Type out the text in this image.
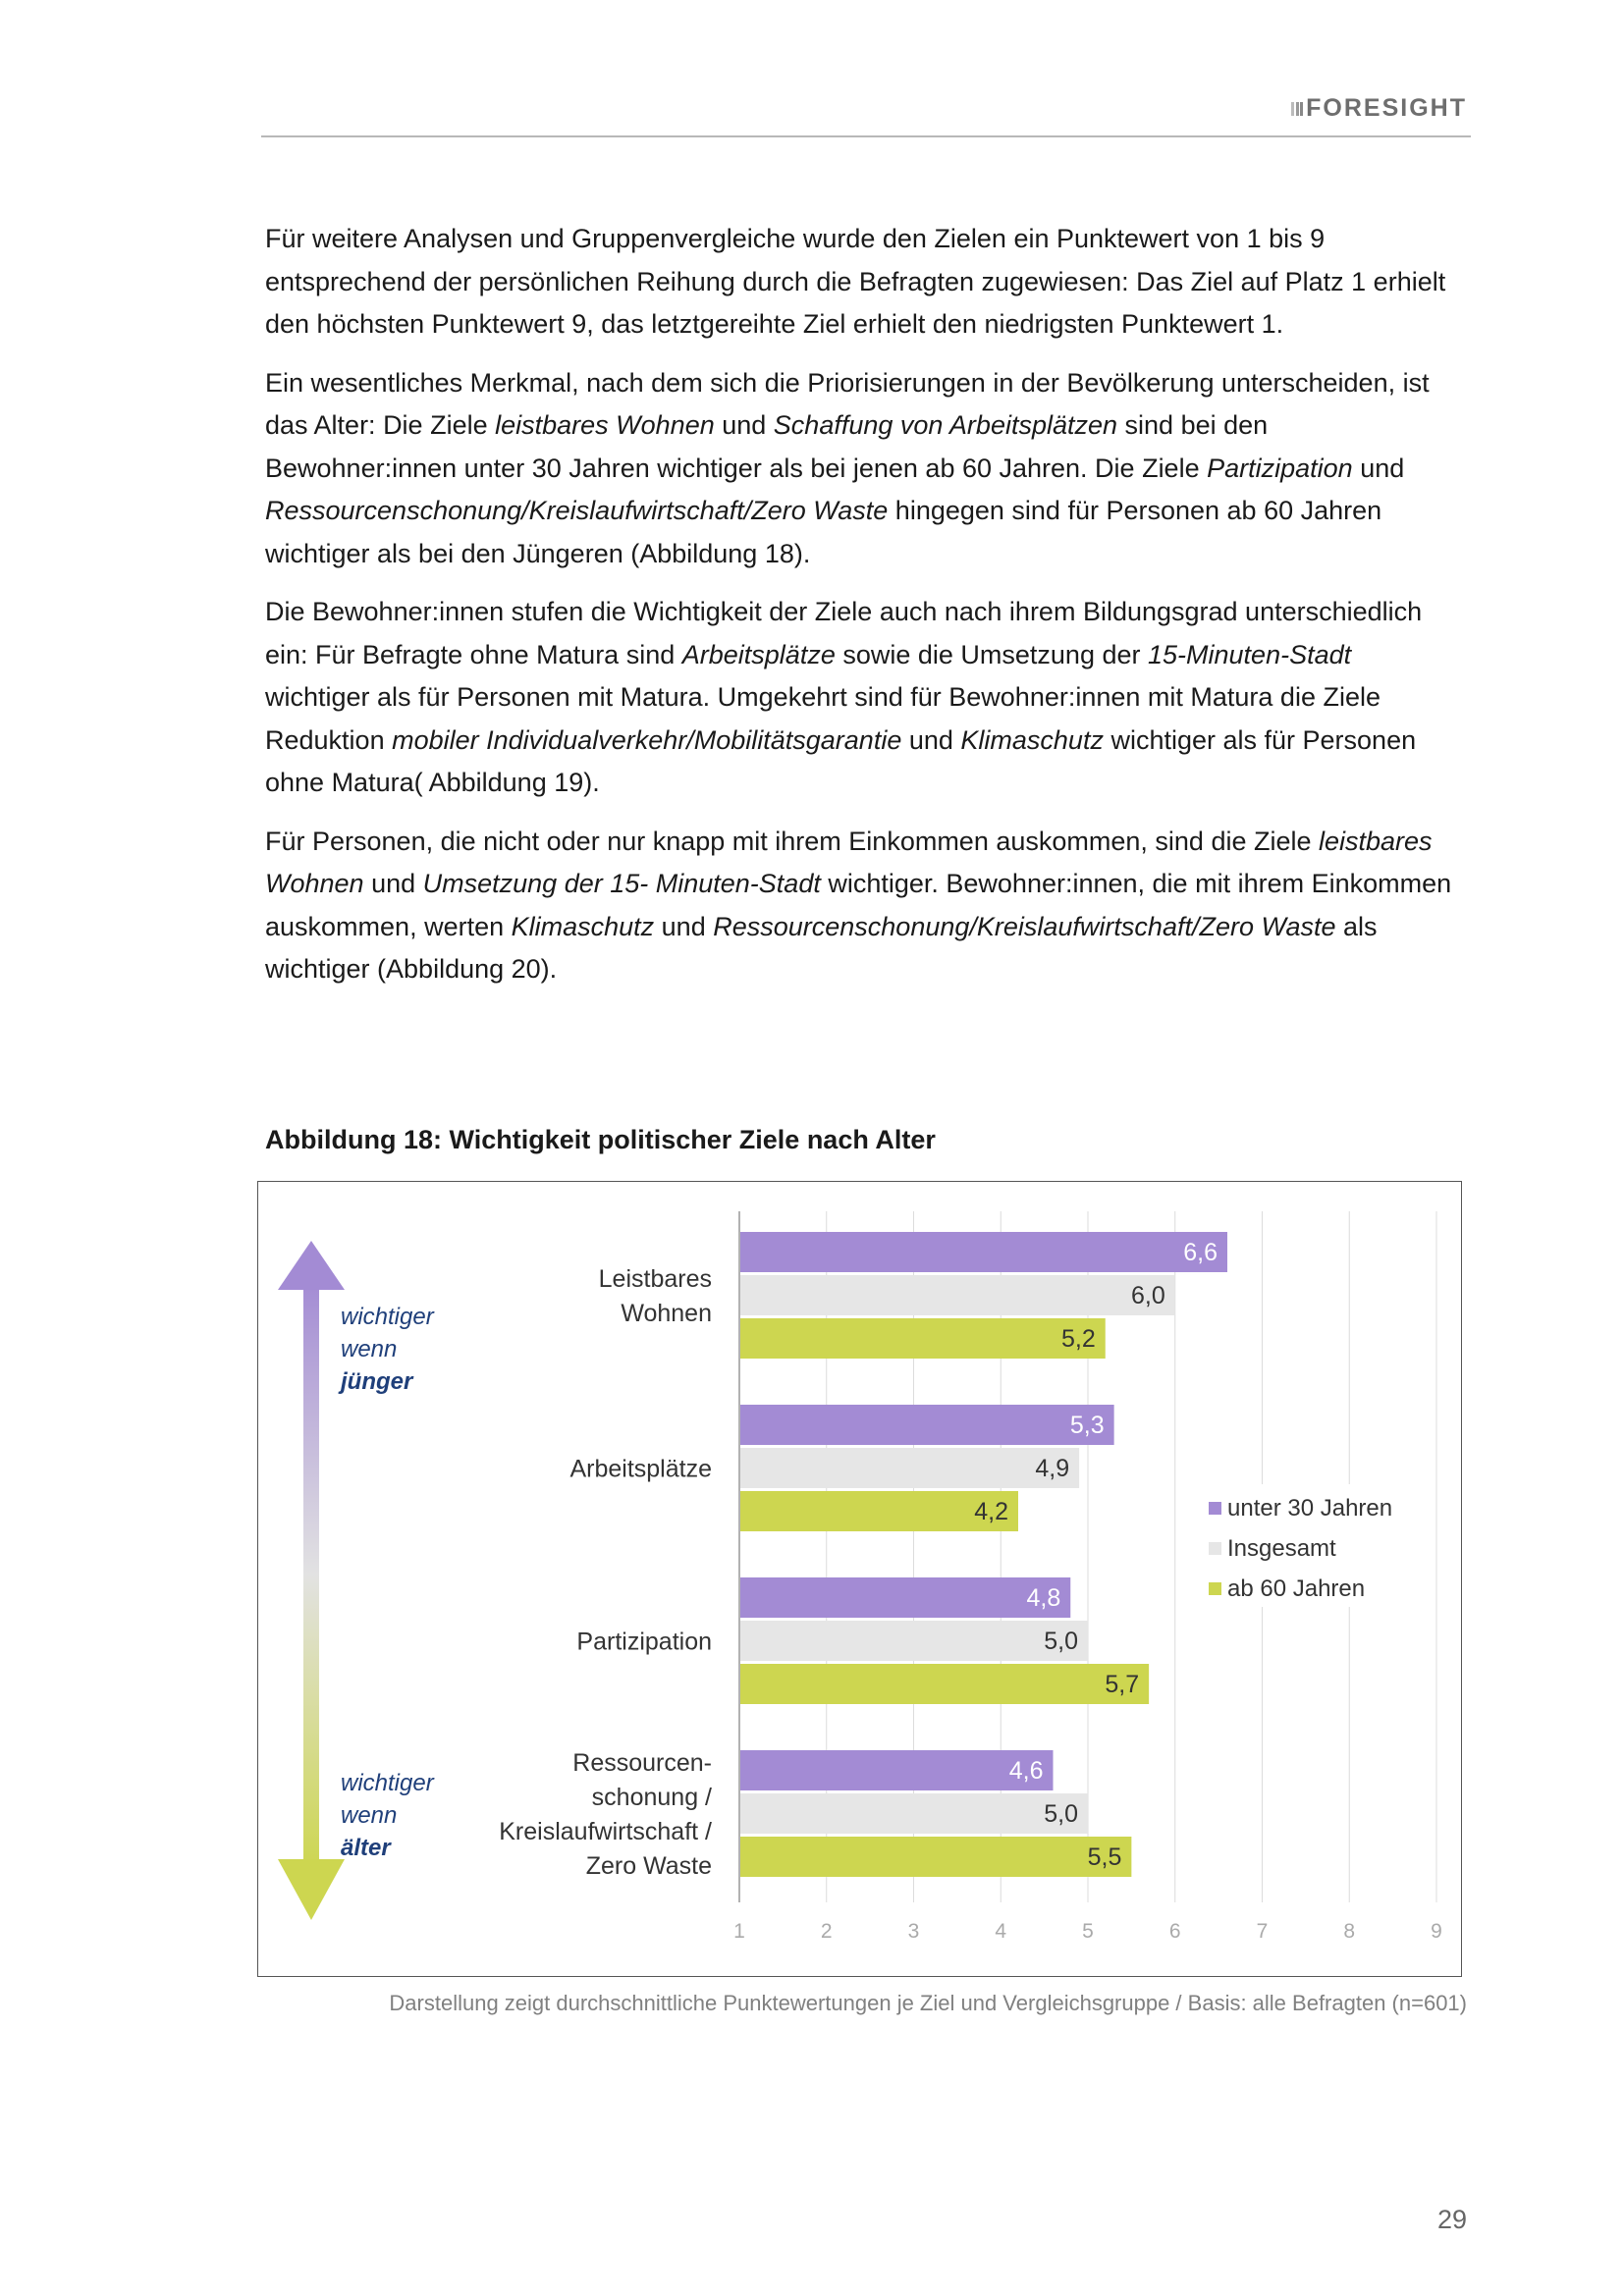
FORESIGHT

Für weitere Analysen und Gruppenvergleiche wurde den Zielen ein Punktewert von 1 bis 9 entsprechend der persönlichen Reihung durch die Befragten zugewiesen: Das Ziel auf Platz 1 erhielt den höchsten Punktewert 9, das letztgereihte Ziel erhielt den niedrigsten Punktewert 1.

Ein wesentliches Merkmal, nach dem sich die Priorisierungen in der Bevölkerung unterscheiden, ist das Alter: Die Ziele leistbares Wohnen und Schaffung von Arbeitsplätzen sind bei den Bewohner:innen unter 30 Jahren wichtiger als bei jenen ab 60 Jahren. Die Ziele Partizipation und Ressourcenschonung/Kreislaufwirtschaft/Zero Waste hingegen sind für Personen ab 60 Jahren wichtiger als bei den Jüngeren (Abbildung 18).

Die Bewohner:innen stufen die Wichtigkeit der Ziele auch nach ihrem Bildungsgrad unterschiedlich ein: Für Befragte ohne Matura sind Arbeitsplätze sowie die Umsetzung der 15-Minuten-Stadt wichtiger als für Personen mit Matura. Umgekehrt sind für Bewohner:innen mit Matura die Ziele Reduktion mobiler Individualverkehr/Mobilitätsgarantie und Klimaschutz wichtiger als für Personen ohne Matura( Abbildung 19).

Für Personen, die nicht oder nur knapp mit ihrem Einkommen auskommen, sind die Ziele leistbares Wohnen und Umsetzung der 15- Minuten-Stadt wichtiger. Bewohner:innen, die mit ihrem Einkommen auskommen, werten Klimaschutz und Ressourcenschonung/Kreislaufwirtschaft/Zero Waste als wichtiger (Abbildung 20).

Abbildung 18: Wichtigkeit politischer Ziele nach Alter
wichtiger
wenn
jünger
wichtiger
wenn
älter
1	2	3	4	5	6	7	8	9
6,6
6,0
5,2
Leistbares
Wohnen
5,3
4,9
4,2
Arbeitsplätze
4,8
5,0
5,7
Partizipation
4,6
5,0
5,5
Ressourcen-
schonung /
Kreislaufwirtschaft /
Zero Waste
unter 30 Jahren
Insgesamt
ab 60 Jahren
Darstellung zeigt durchschnittliche Punktewertungen je Ziel und Vergleichsgruppe / Basis: alle Befragten (n=601)
29
